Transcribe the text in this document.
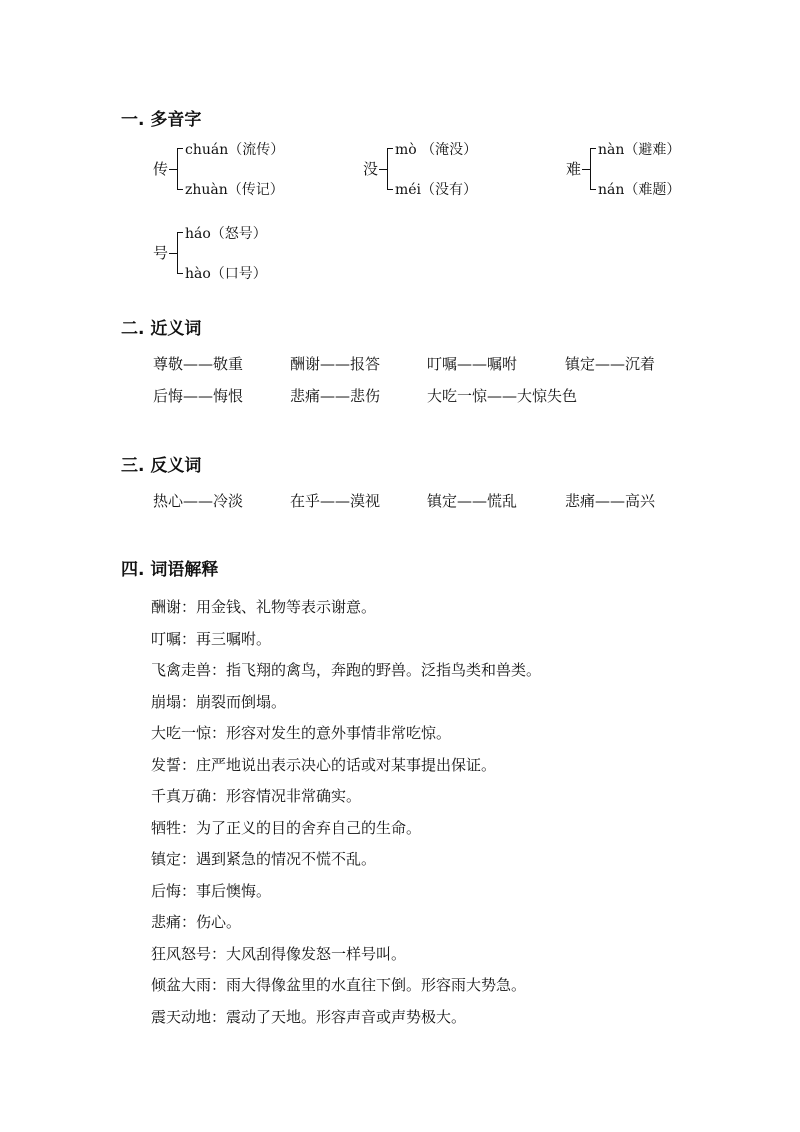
一. 多音字
传
chuán（流传）
zhuàn（传记）
没
mò （淹没）
méi（没有）
难
nàn（避难）
nán（难题）
号
háo（怒号）
hào（口号）
二. 近义词
尊敬——敬重	酬谢——报答	叮嘱——嘱咐	镇定——沉着
后悔——悔恨	悲痛——悲伤	大吃一惊——大惊失色
三. 反义词
热心——冷淡	在乎——漠视	镇定——慌乱	悲痛——高兴
四. 词语解释
酬谢：用金钱、礼物等表示谢意。
叮嘱：再三嘱咐。
飞禽走兽：指飞翔的禽鸟，奔跑的野兽。泛指鸟类和兽类。
崩塌：崩裂而倒塌。
大吃一惊：形容对发生的意外事情非常吃惊。
发誓：庄严地说出表示决心的话或对某事提出保证。
千真万确：形容情况非常确实。
牺牲：为了正义的目的舍弃自己的生命。
镇定：遇到紧急的情况不慌不乱。
后悔：事后懊悔。
悲痛：伤心。
狂风怒号：大风刮得像发怒一样号叫。
倾盆大雨：雨大得像盆里的水直往下倒。形容雨大势急。
震天动地：震动了天地。形容声音或声势极大。
